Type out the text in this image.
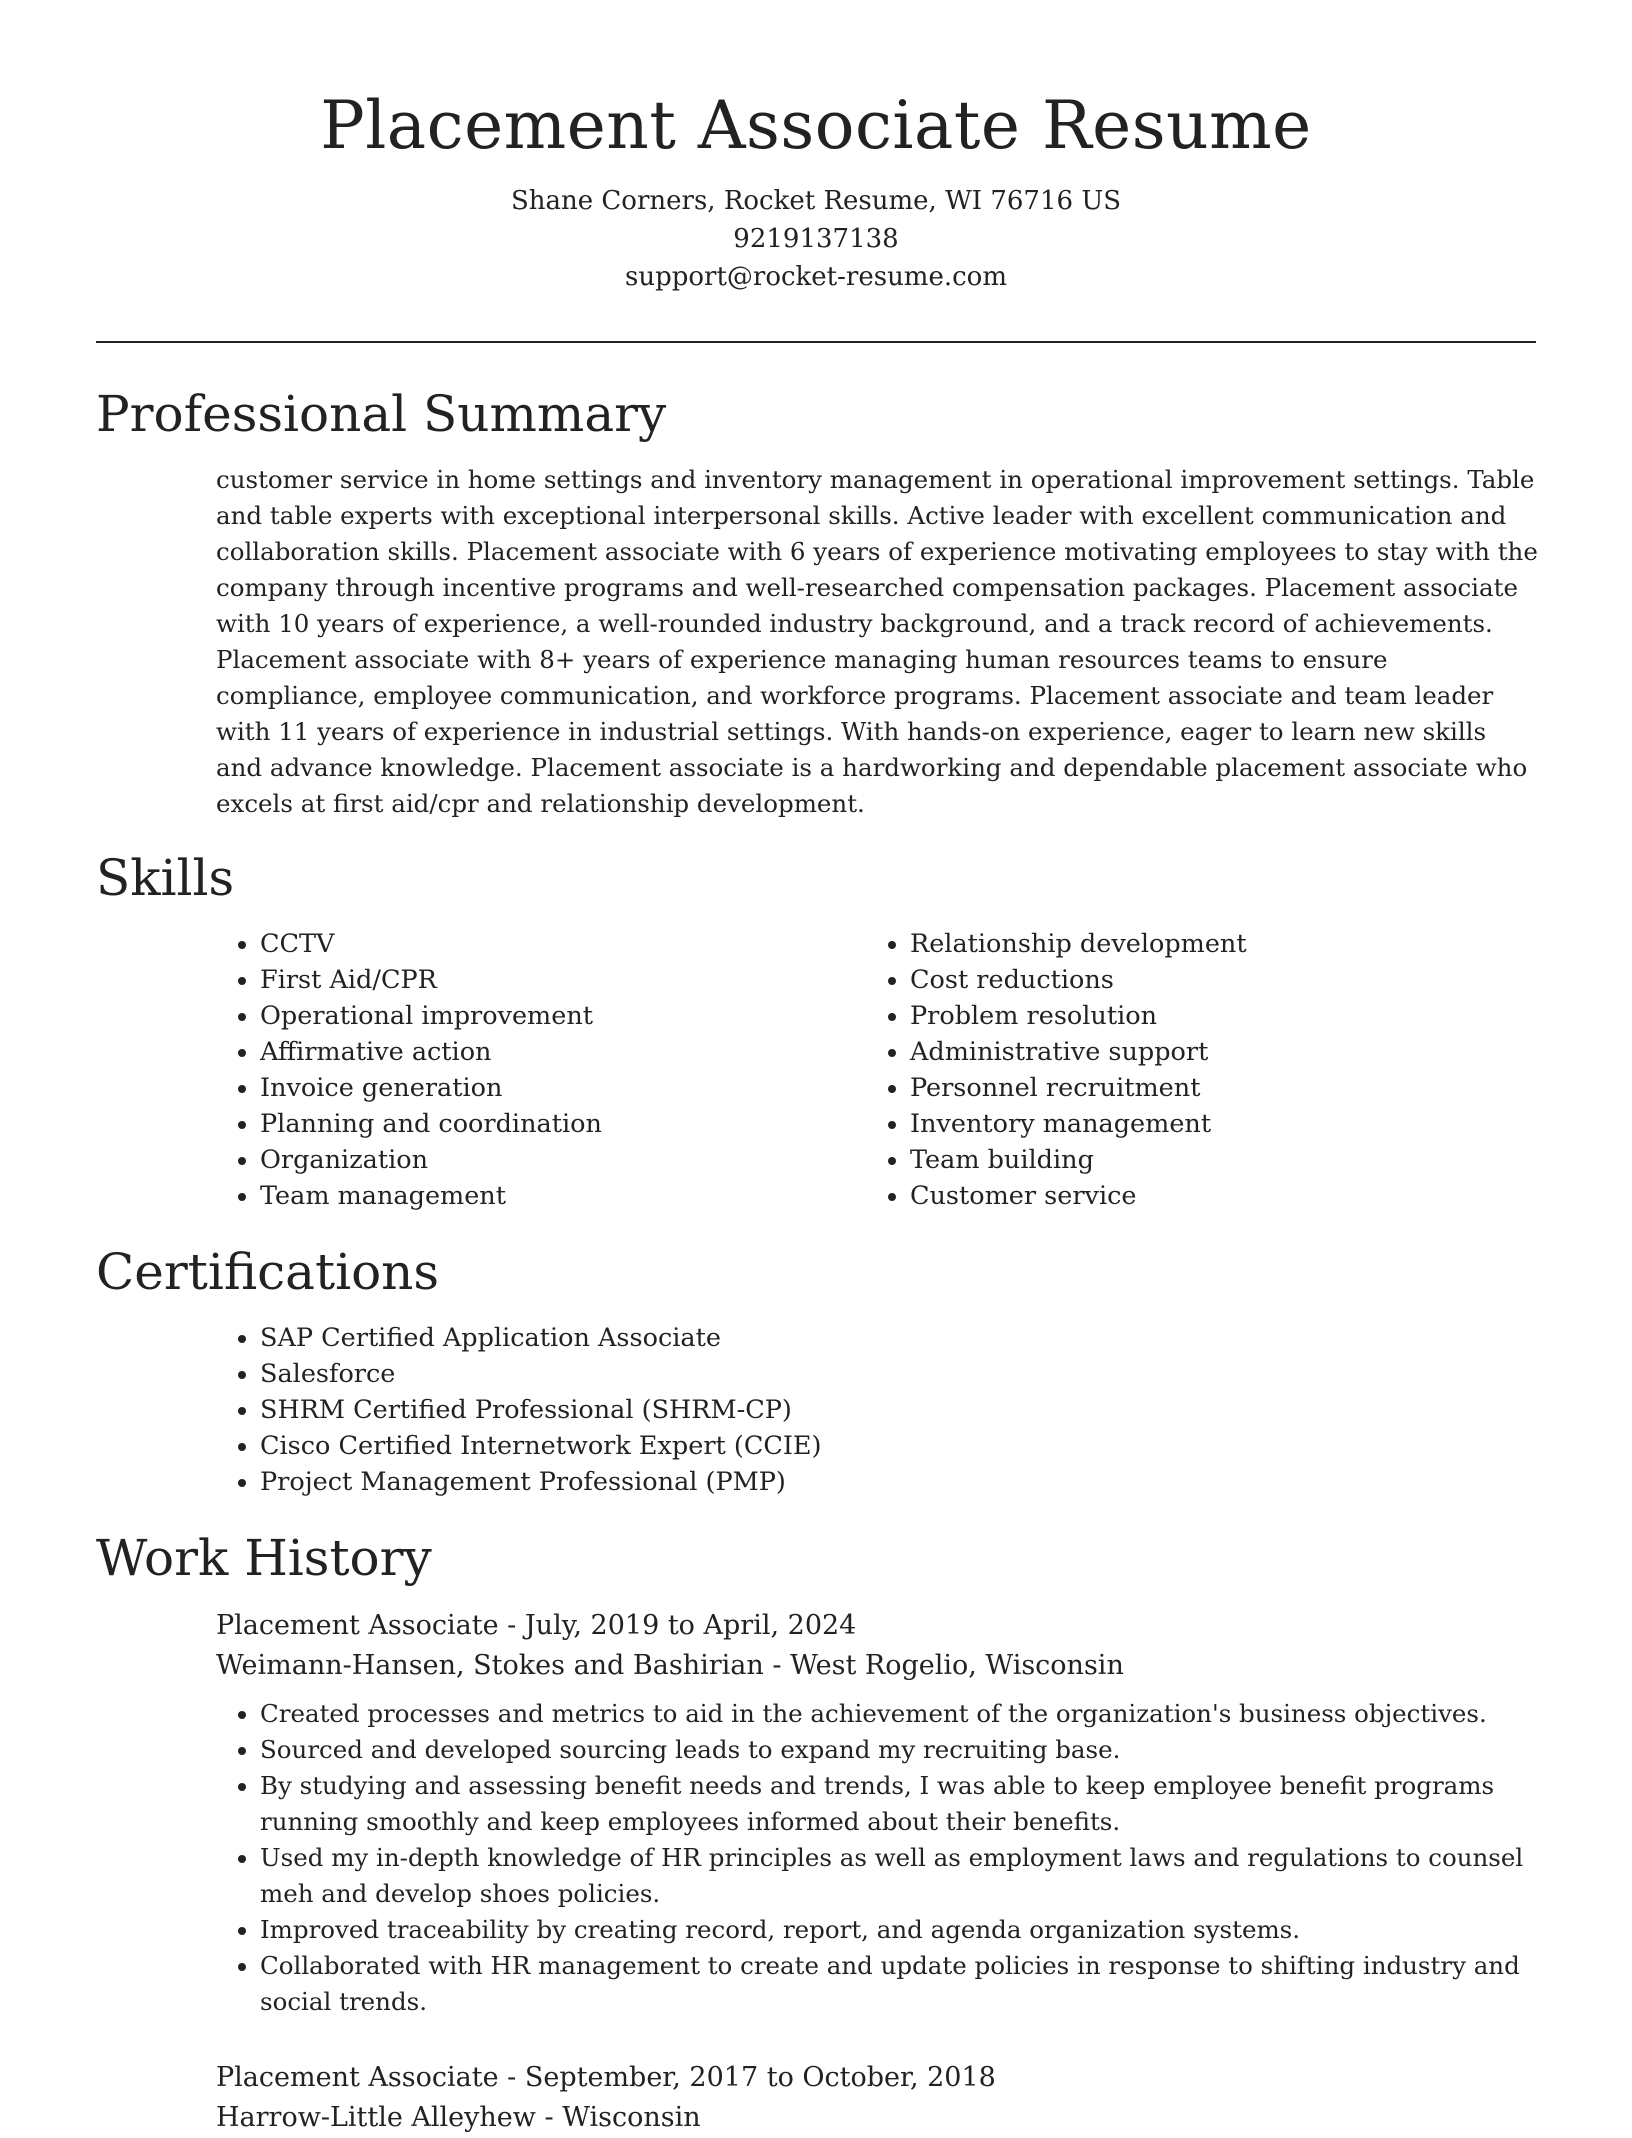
Placement Associate Resume
Shane Corners, Rocket Resume, WI 76716 US
9219137138
support@rocket-resume.com
Professional Summary

customer service in home settings and inventory management in operational improvement settings. Table and table experts with exceptional interpersonal skills. Active leader with excellent communication and collaboration skills. Placement associate with 6 years of experience motivating employees to stay with the company through incentive programs and well-researched compensation packages. Placement associate with 10 years of experience, a well-rounded industry background, and a track record of achievements. Placement associate with 8+ years of experience managing human resources teams to ensure compliance, employee communication, and workforce programs. Placement associate and team leader with 11 years of experience in industrial settings. With hands-on experience, eager to learn new skills and advance knowledge. Placement associate is a hardworking and dependable placement associate who excels at first aid/cpr and relationship development.

Skills
• CCTV
• First Aid/CPR
• Operational improvement
• Affirmative action
• Invoice generation
• Planning and coordination
• Organization
• Team management
• Relationship development
• Cost reductions
• Problem resolution
• Administrative support
• Personnel recruitment
• Inventory management
• Team building
• Customer service
Certifications
• SAP Certified Application Associate
• Salesforce
• SHRM Certified Professional (SHRM-CP)
• Cisco Certified Internetwork Expert (CCIE)
• Project Management Professional (PMP)
Work History
Placement Associate - July, 2019 to April, 2024
Weimann-Hansen, Stokes and Bashirian - West Rogelio, Wisconsin
• Created processes and metrics to aid in the achievement of the organization's business objectives.
• Sourced and developed sourcing leads to expand my recruiting base.
• By studying and assessing benefit needs and trends, I was able to keep employee benefit programs running smoothly and keep employees informed about their benefits.
• Used my in-depth knowledge of HR principles as well as employment laws and regulations to counsel meh and develop shoes policies.
• Improved traceability by creating record, report, and agenda organization systems.
• Collaborated with HR management to create and update policies in response to shifting industry and social trends.
Placement Associate - September, 2017 to October, 2018
Harrow-Little Alleyhew - Wisconsin
